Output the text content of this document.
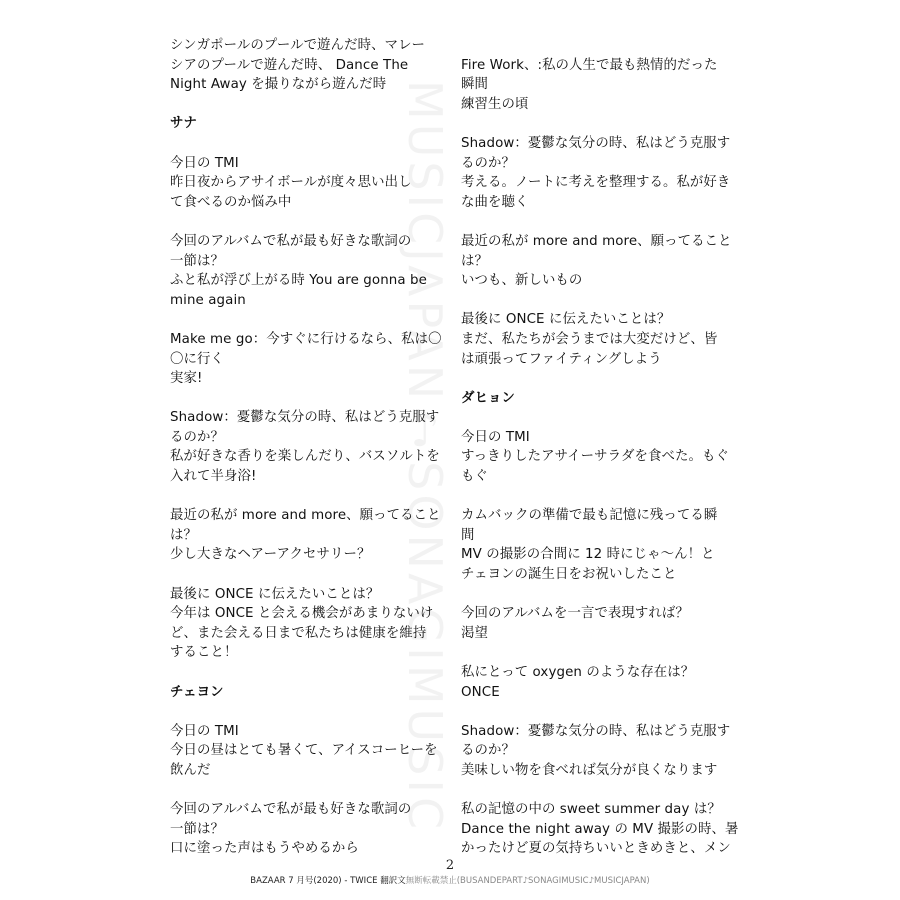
MUSICJAPAN♪SONAGIMUSIC
シンガポールのプールで遊んだ時、マレー
シアのプールで遊んだ時、 Dance The
Night Away を撮りながら遊んだ時
サナ
今日の TMI
昨日夜からアサイボールが度々思い出し
て食べるのか悩み中
今回のアルバムで私が最も好きな歌詞の
一節は？
ふと私が浮び上がる時 You are gonna be
mine again
Make me go：今すぐに行けるなら、私は〇
〇に行く
実家!
Shadow：憂鬱な気分の時、私はどう克服す
るのか？
私が好きな香りを楽しんだり、バスソルトを
入れて半身浴!
最近の私が more and more、願ってること
は？
少し大きなヘアーアクセサリー？
最後に ONCE に伝えたいことは？
今年は ONCE と会える機会があまりないけ
ど、また会える日まで私たちは健康を維持
すること！
チェヨン
今日の TMI
今日の昼はとても暑くて、アイスコーヒーを
飲んだ
今回のアルバムで私が最も好きな歌詞の
一節は？
口に塗った声はもうやめるから
Fire Work、:私の人生で最も熱情的だった
瞬間
練習生の頃
Shadow：憂鬱な気分の時、私はどう克服す
るのか？
考える。ノートに考えを整理する。私が好き
な曲を聴く
最近の私が more and more、願ってること
は？
いつも、新しいもの
最後に ONCE に伝えたいことは？
まだ、私たちが会うまでは大変だけど、皆
は頑張ってファイティングしよう
ダヒョン
今日の TMI
すっきりしたアサイーサラダを食べた。もぐ
もぐ
カムバックの準備で最も記憶に残ってる瞬
間
MV の撮影の合間に 12 時にじゃ～ん！と
チェヨンの誕生日をお祝いしたこと
今回のアルバムを一言で表現すれば？
渇望
私にとって oxygen のような存在は？
ONCE
Shadow：憂鬱な気分の時、私はどう克服す
るのか？
美味しい物を食べれば気分が良くなります
私の記憶の中の sweet summer day は？
Dance the night away の MV 撮影の時、暑
かったけど夏の気持ちいいときめきと、メン
2
BAZAAR 7 月号(2020) - TWICE 翻訳文無断転載禁止(BUSANDEPART♪SONAGIMUSIC♪MUSICJAPAN)
